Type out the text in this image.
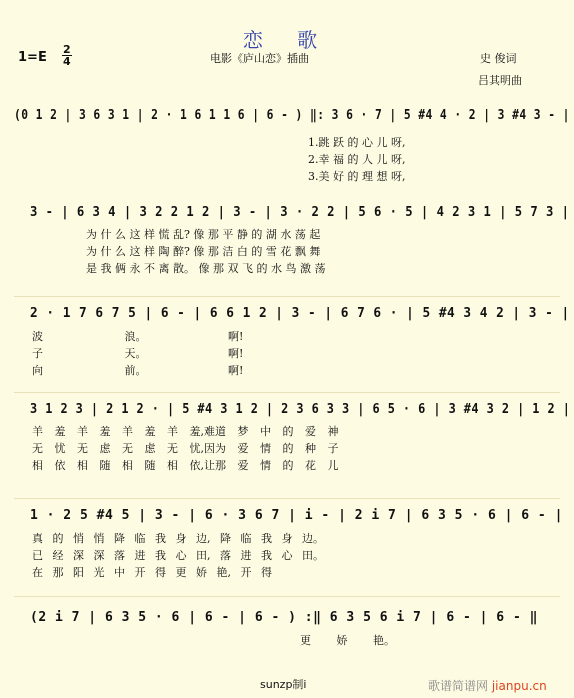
恋 歌
1=E
2
4	电影《庐山恋》插曲	史 俊词
吕其明曲
(0 1 2 | 3 6 3 1 | 2 · 1 6 1 1 6 | 6 - ) ‖: 3 6 · 7 | 5 #4 4 · 2 | 3 #4 3 - |
1.跳 跃 的 心 儿 呀,
2.幸 福 的 人 儿 呀,
3.美 好 的 理 想 呀,
3 - | 6 3 4 | 3 2 2 1 2 | 3 - | 3 · 2 2 | 5 6 · 5 | 4 2 3 1 | 5 7 3 |
为 什 么 这 样 慌 乱? 像 那 平 静 的 湖 水 荡 起
为 什 么 这 样 陶 醉? 像 那 洁 白 的 雪 花 飘 舞
是 我 俩 永 不 离 散。 像 那 双 飞 的 水 鸟 激 荡
2 · 1 7 6 7 5 | 6 - | 6 6 1 2 | 3 - | 6 7 6 · | 5 #4 3 4 2 | 3 - |
波 浪。 啊!
子 天。 啊!
向 前。 啊!
3 1 2 3 | 2 1 2 · | 5 #4 3 1 2 | 2 3 6 3 3 | 6 5 · 6 | 3 #4 3 2 | 1 2 |
羊 羞 羊 羞 羊 羞 羊 羞,难道 梦 中 的 爱 神
无 忧 无 虑 无 虑 无 忧,因为 爱 情 的 种 子
相 依 相 随 相 随 相 依,让那 爱 情 的 花 儿
1 · 2 5 #4 5 | 3 - | 6 · 3 6 7 | i - | 2 i 7 | 6 3 5 · 6 | 6 - |
真 的 悄 悄 降 临 我 身 边, 降 临 我 身 边。
已 经 深 深 落 进 我 心 田, 落 进 我 心 田。
在 那 阳 光 中 开 得 更 娇 艳, 开 得
(2 i 7 | 6 3 5 · 6 | 6 - | 6 - ) :‖ 6 3 5 6 i 7 | 6 - | 6 - ‖
更 娇 艳。
sunzp制i	歌谱简谱网 jianpu.cn
